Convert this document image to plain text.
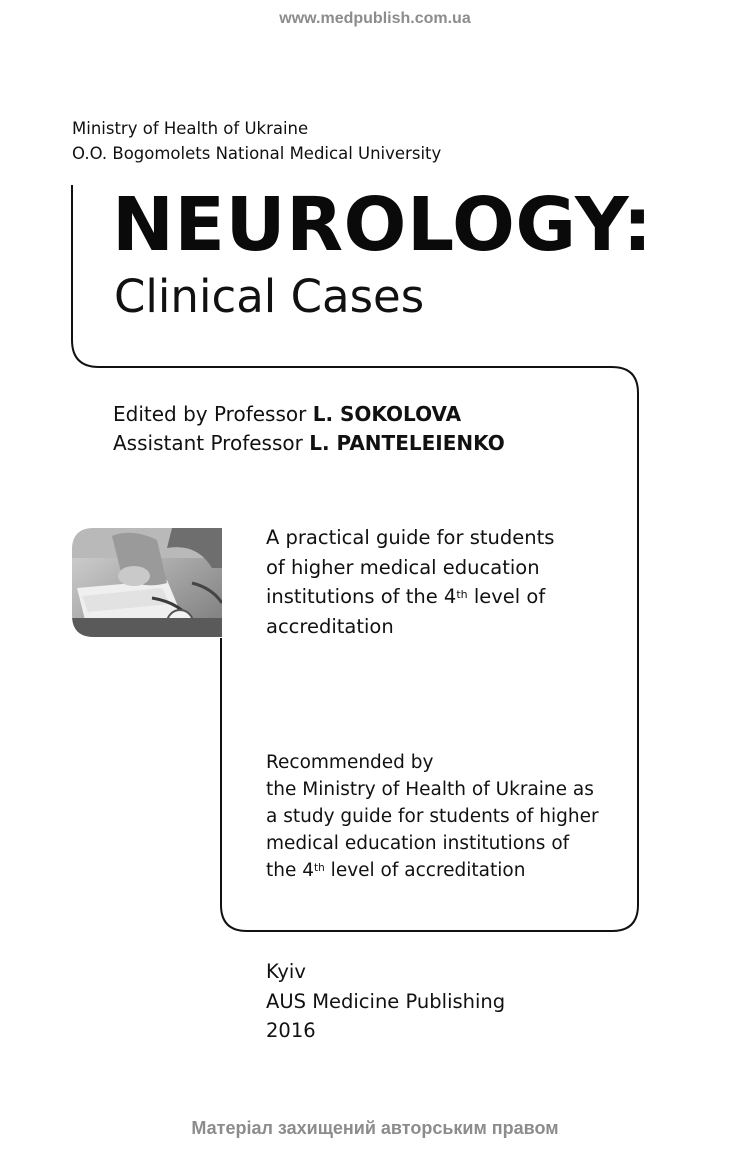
www.medpublish.com.ua
Ministry of Health of Ukraine
O.O. Bogomolets National Medical University
NEUROLOGY:
Clinical Cases
Edited by Professor L. SOKOLOVA
Assistant Professor L. PANTELEIENKO
A practical guide for students
of higher medical education
institutions of the 4th level of
accreditation
Recommended by
the Ministry of Health of Ukraine as
a study guide for students of higher
medical education institutions of
the 4th level of accreditation
Kyiv
AUS Medicine Publishing
2016
Матеріал захищений авторським правом
